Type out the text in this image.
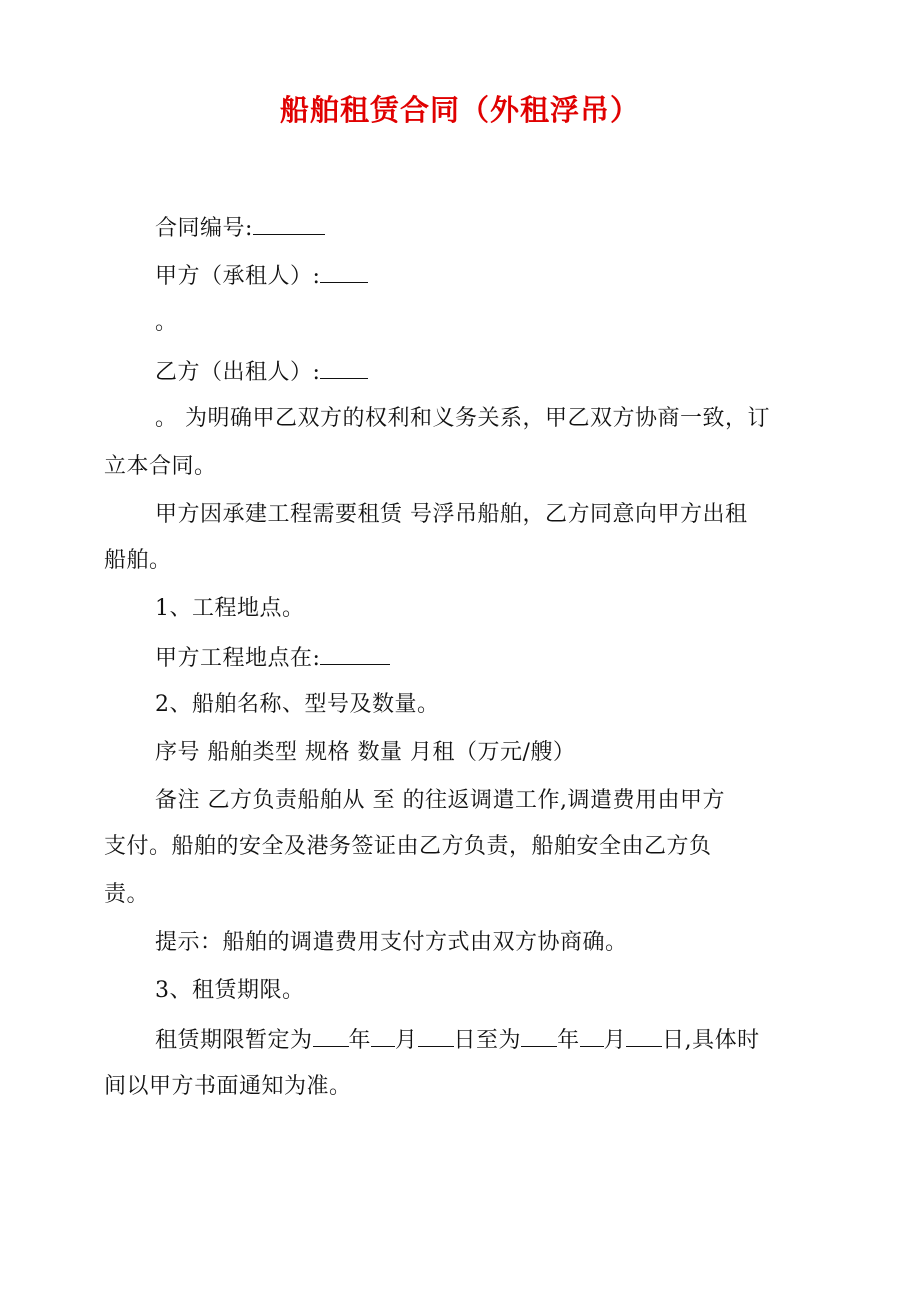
船舶租赁合同（外租浮吊）
合同编号:
甲方（承租人）:
。
乙方（出租人）:
。 为明确甲乙双方的权利和义务关系，甲乙双方协商一致，订
立本合同。
甲方因承建工程需要租赁 号浮吊船舶，乙方同意向甲方出租
船舶。
1、工程地点。
甲方工程地点在:
2、船舶名称、型号及数量。
序号 船舶类型 规格 数量 月租（万元/艘）
备注 乙方负责船舶从 至 的往返调遣工作,调遣费用由甲方
支付。船舶的安全及港务签证由乙方负责，船舶安全由乙方负
责。
提示：船舶的调遣费用支付方式由双方协商确。
3、租赁期限。
租赁期限暂定为 年 月 日至为 年 月 日,具体时
间以甲方书面通知为准。
